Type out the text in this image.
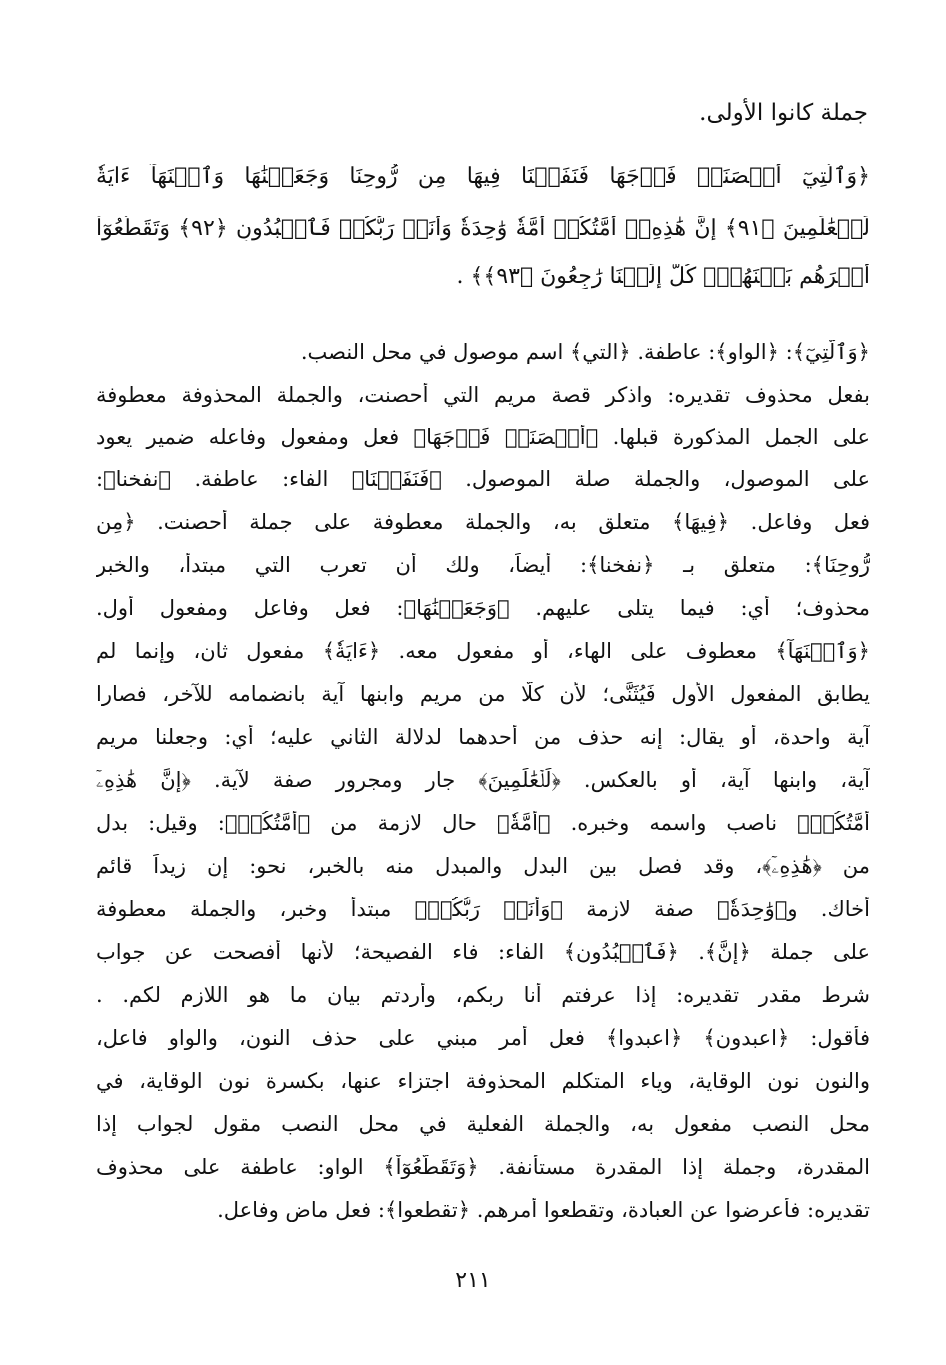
جملة كانوا الأولى.
﴿وَٱلَّتِيٓ أَحۡصَنَتۡ فَرۡجَهَا فَنَفَخۡنَا فِيهَا مِن رُّوحِنَا وَجَعَلۡنَٰهَا وَٱبۡنَهَآ ءَايَةٗ
لِّلۡعَٰلَمِينَ ﴿٩١﴾ إِنَّ هَٰذِهِۦٓ أُمَّتُكُمۡ أُمَّةٗ وَٰحِدَةٗ وَأَنَا۠ رَبُّكُمۡ فَٱعۡبُدُونِ ﴿٩٢﴾ وَتَقَطَّعُوٓاْ
أَمۡرَهُم بَيۡنَهُمۡۖ كُلٌّ إِلَيۡنَا رَٰجِعُونَ ﴿٩٣﴾﴾ .
﴿وَٱلَّتِيٓ﴾: ﴿الواو﴾: عاطفة. ﴿التي﴾ اسم موصول في محل النصب.
بفعل محذوف تقديره: واذكر قصة مريم التي أحصنت، والجملة المحذوفة معطوفة
على الجمل المذكورة قبلها. ﴿أَحۡصَنَتۡ فَرۡجَهَا﴾ فعل ومفعول وفاعله ضمير يعود
على الموصول، والجملة صلة الموصول. ﴿فَنَفَخۡنَا﴾ الفاء: عاطفة. ﴿نفخنا﴾:
فعل وفاعل. ﴿فِيهَا﴾ متعلق به، والجملة معطوفة على جملة أحصنت. ﴿مِن
رُّوحِنَا﴾: متعلق بـ ﴿نفخنا﴾: أيضاً، ولك أن تعرب التي مبتدأ، والخبر
محذوف؛ أي: فيما يتلى عليهم. ﴿وَجَعَلۡنَٰهَا﴾: فعل وفاعل ومفعول أول.
﴿وَٱبۡنَهَآ﴾ معطوف على الهاء، أو مفعول معه. ﴿ءَايَةٗ﴾ مفعول ثان، وإنما لم
يطابق المفعول الأول فَيُثَنَّى؛ لأن كلًّا من مريم وابنها آية بانضمامه للآخر، فصارا
آية واحدة، أو يقال: إنه حذف من أحدهما لدلالة الثاني عليه؛ أي: وجعلنا مريم
آية، وابنها آية، أو بالعكس. ﴿لِّلۡعَٰلَمِينَ﴾ جار ومجرور صفة لآية. ﴿إِنَّ هَٰذِهِۦٓ
أُمَّتُكُمۡ﴾ ناصب واسمه وخبره. ﴿أُمَّةٗ﴾ حال لازمة من ﴿أُمَّتُكُمۡ﴾: وقيل: بدل
من ﴿هَٰذِهِۦٓ﴾، وقد فصل بين البدل والمبدل منه بالخبر، نحو: إن زيداً قائم
أخاك. و﴿وَٰحِدَةٗ﴾ صفة لازمة ﴿وَأَنَا۠ رَبُّكُمۡ﴾ مبتدأ وخبر، والجملة معطوفة
على جملة ﴿إِنَّ﴾. ﴿فَٱعۡبُدُونِ﴾ الفاء: فاء الفصيحة؛ لأنها أفصحت عن جواب
شرط مقدر تقديره: إذا عرفتم أنا ربكم، وأردتم بيان ما هو اللازم لكم. .
فأقول: ﴿اعبدون﴾ ﴿اعبدوا﴾ فعل أمر مبني على حذف النون، والواو فاعل،
والنون نون الوقاية، وياء المتكلم المحذوفة اجتزاء عنها، بكسرة نون الوقاية، في
محل النصب مفعول به، والجملة الفعلية في محل النصب مقول لجواب إذا
المقدرة، وجملة إذا المقدرة مستأنفة. ﴿وَتَقَطَّعُوٓاْ﴾ الواو: عاطفة على محذوف
تقديره: فأعرضوا عن العبادة، وتقطعوا أمرهم. ﴿تقطعوا﴾: فعل ماض وفاعل.
٢١١
